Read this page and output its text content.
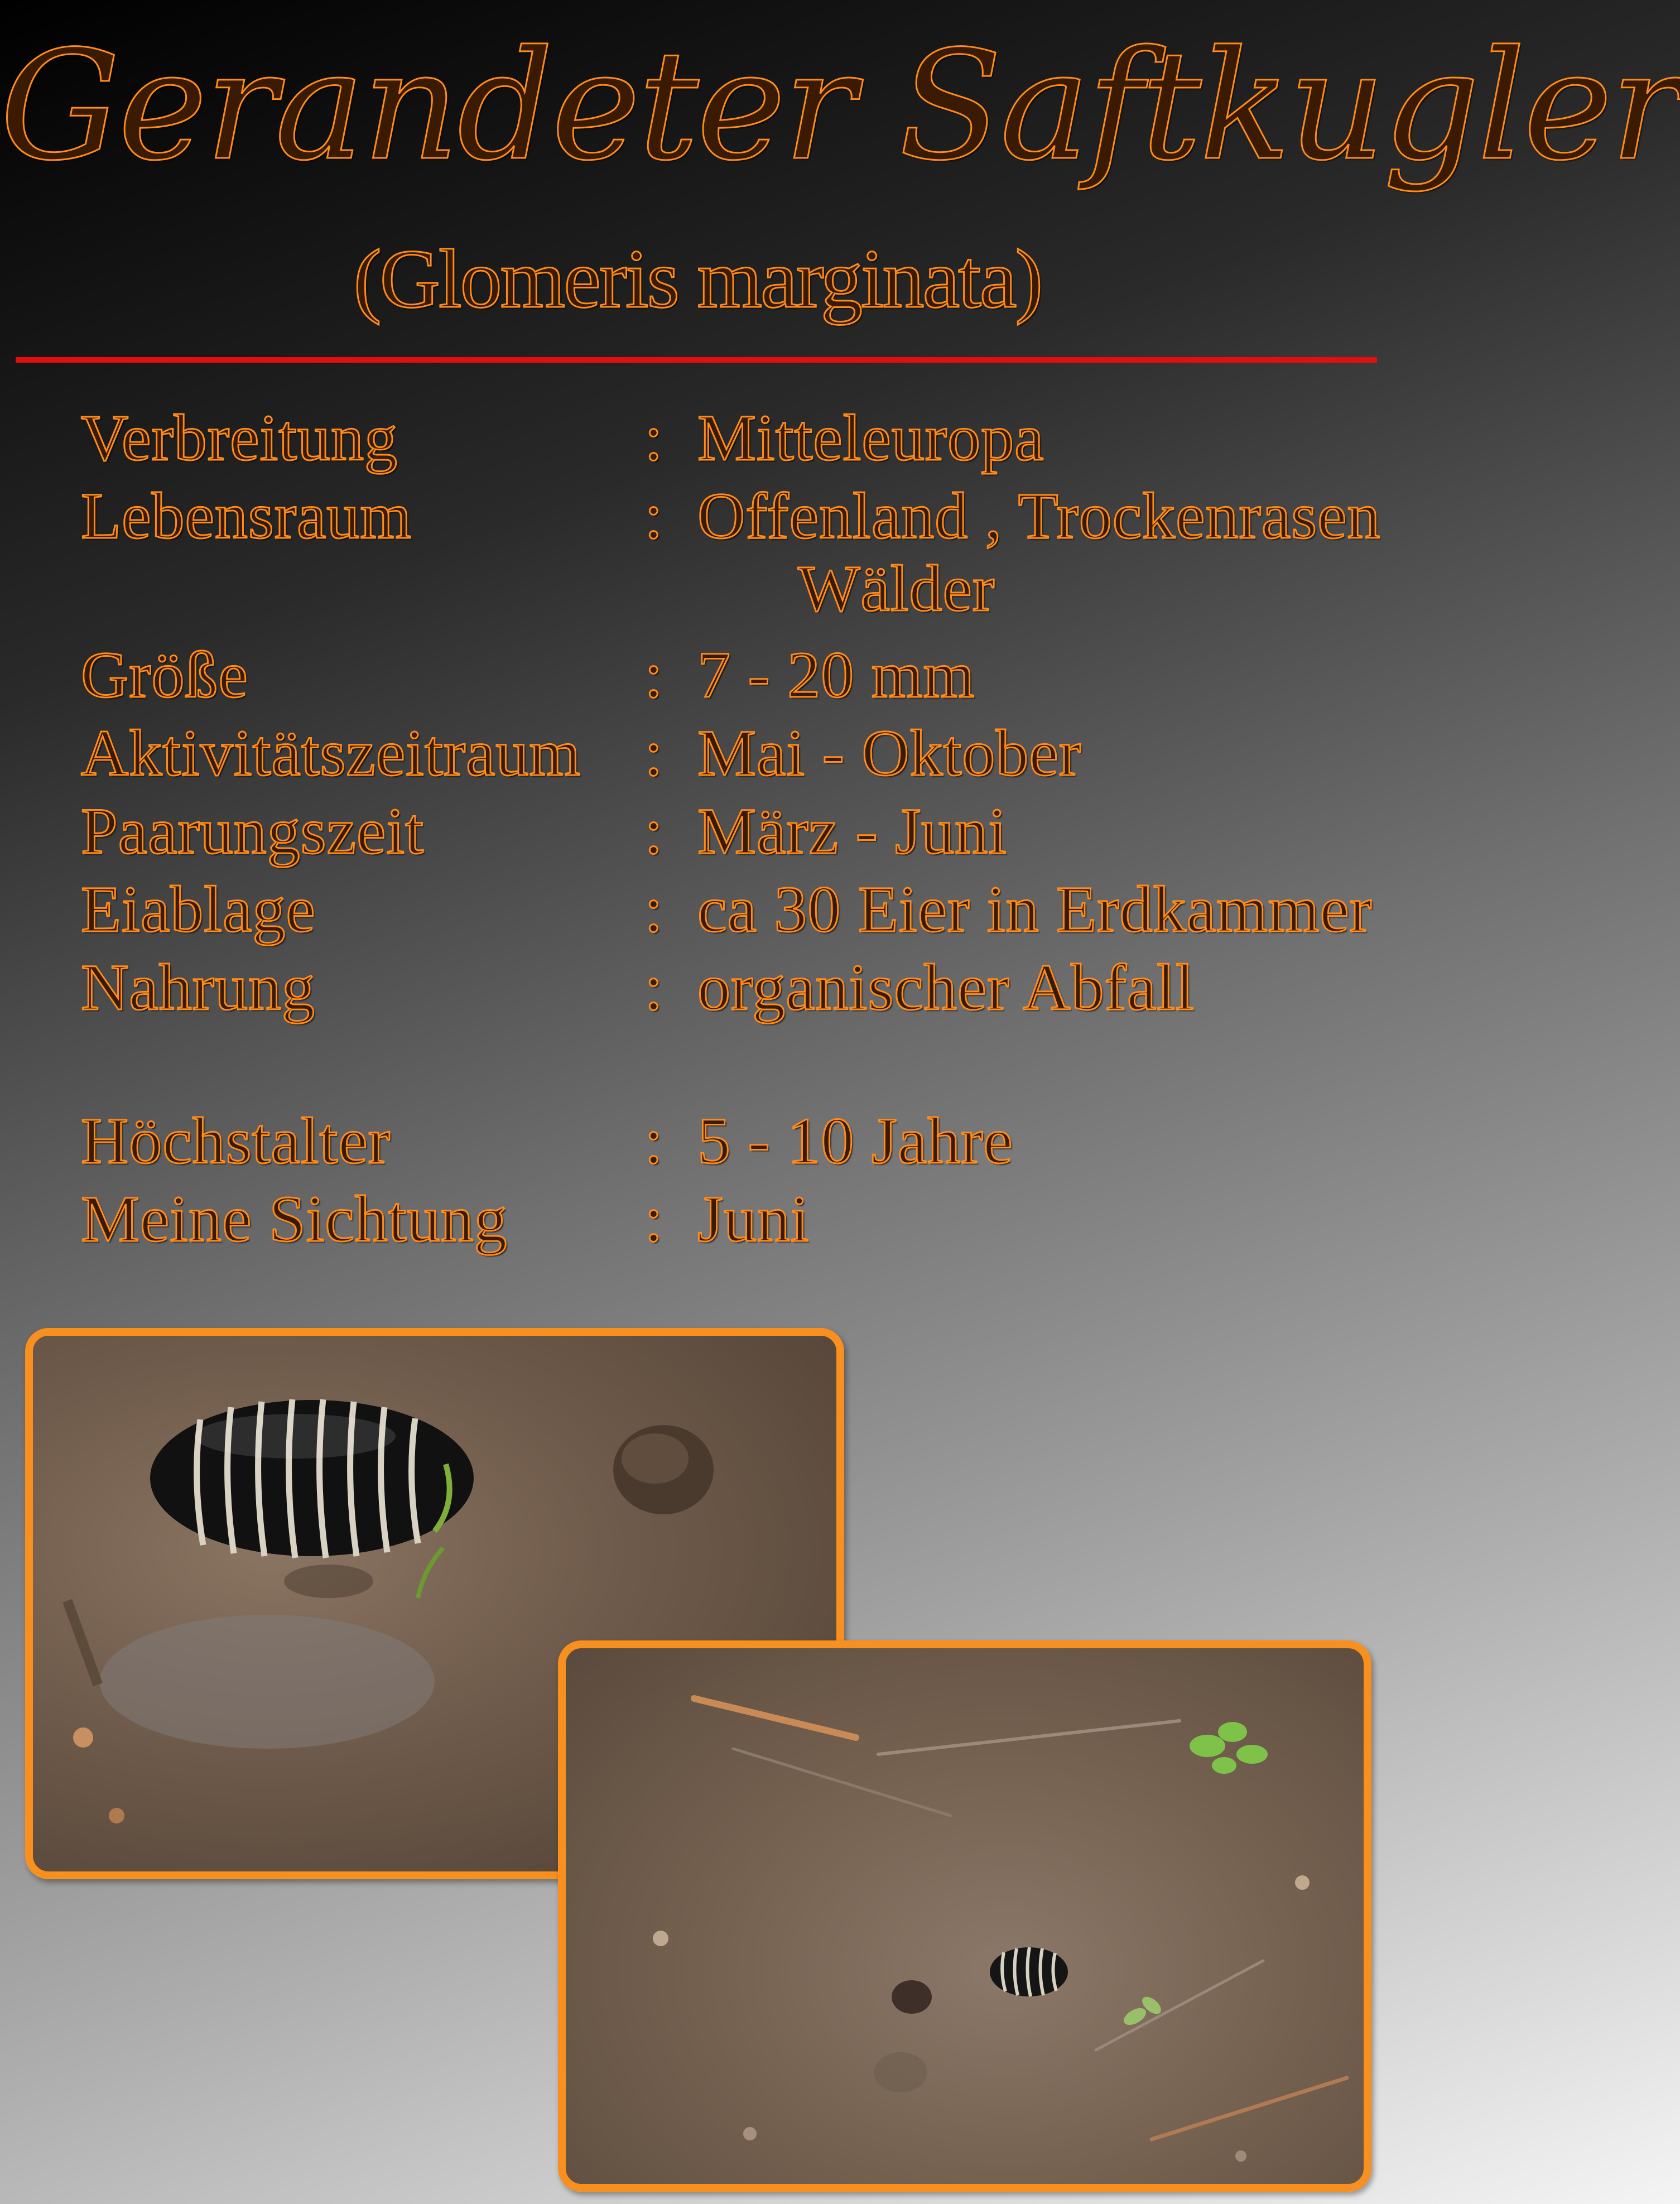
Gerandeter Saftkugler
(Glomeris marginata)
Verbreitung	: Mitteleuropa
Lebensraum	: Offenland , Trockenrasen
Wälder
Größe	: 7 - 20 mm
Aktivitätszeitraum : Mai - Oktober
Paarungszeit	: März - Juni
Eiablage	: ca 30 Eier in Erdkammer
Nahrung	: organischer Abfall
Höchstalter	: 5 - 10 Jahre
Meine Sichtung : Juni
